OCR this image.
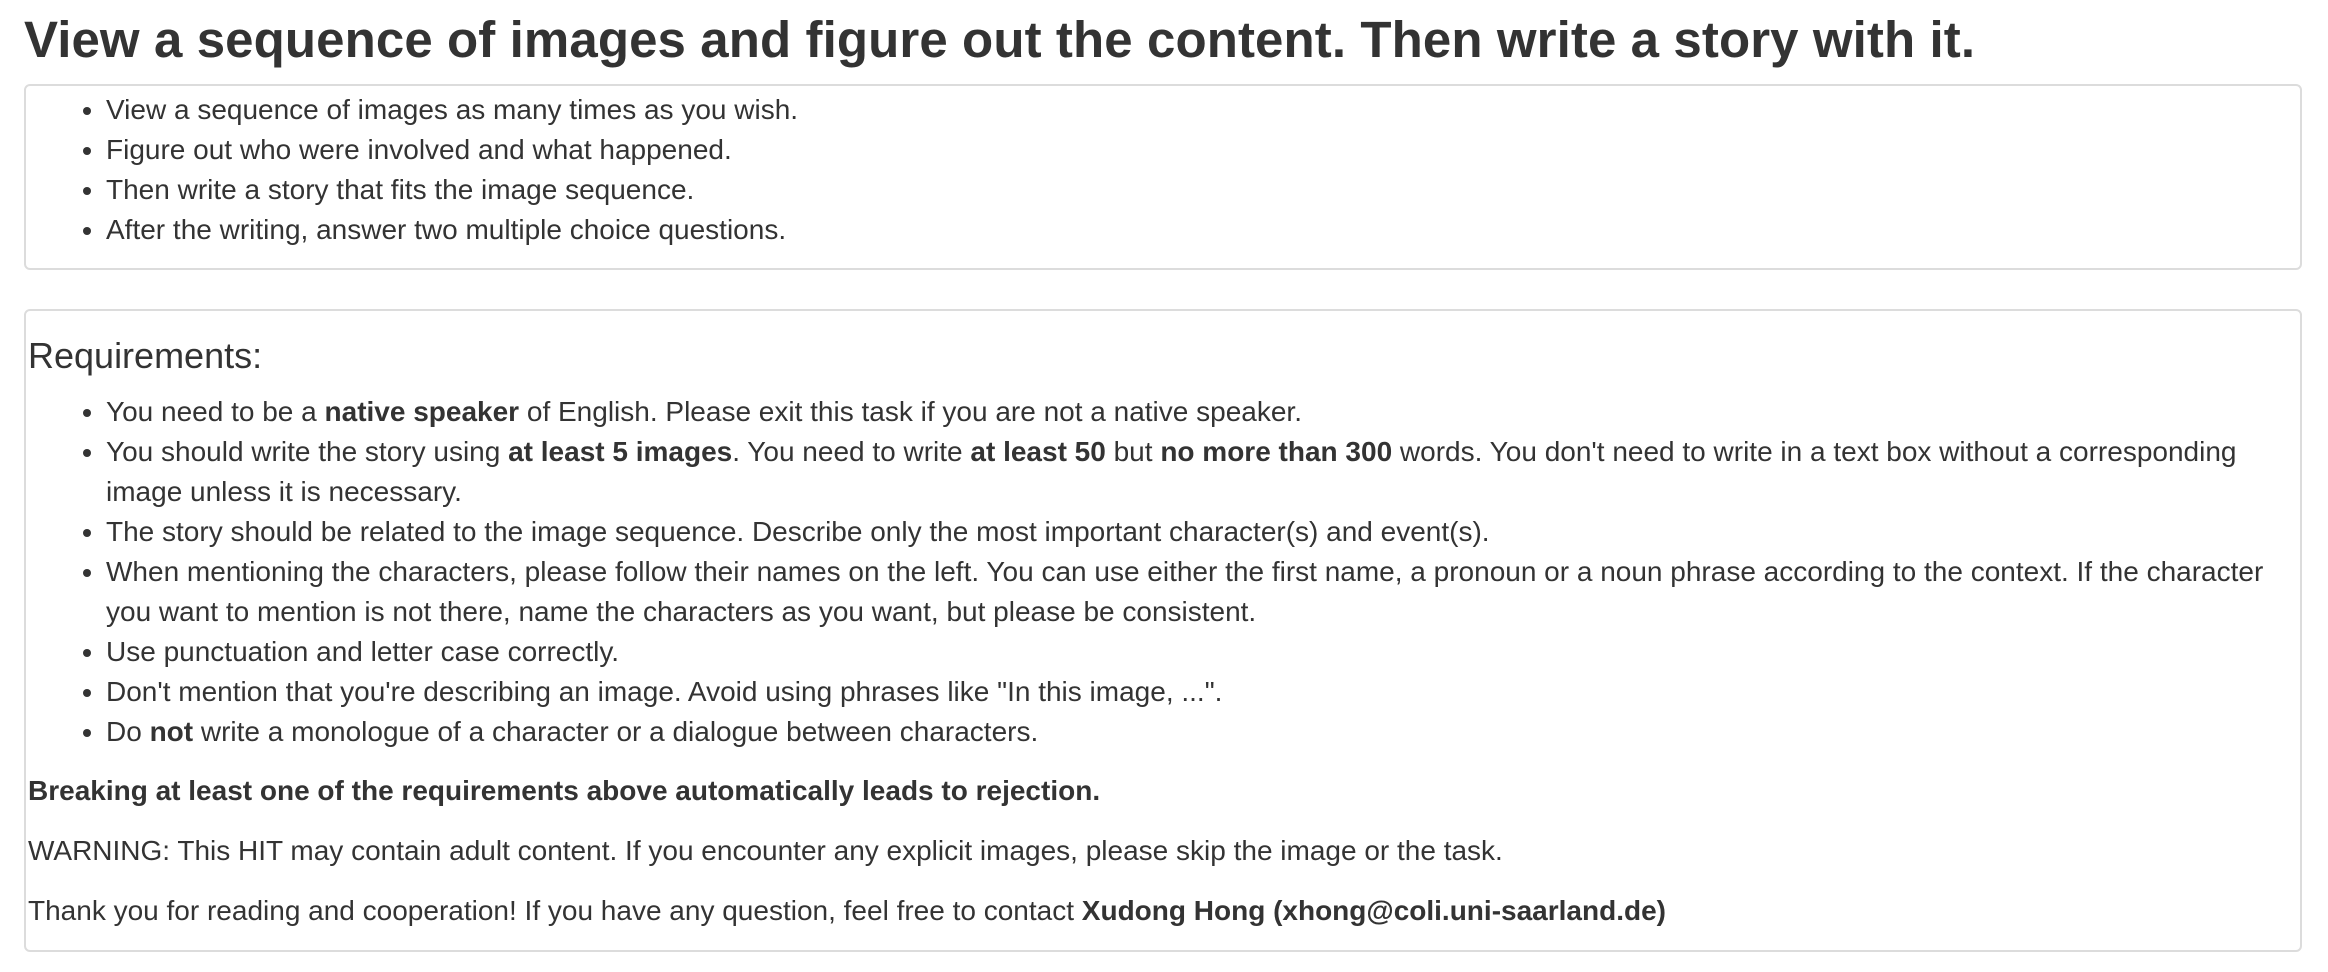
View a sequence of images and figure out the content. Then write a story with it.
• View a sequence of images as many times as you wish.
• Figure out who were involved and what happened.
• Then write a story that fits the image sequence.
• After the writing, answer two multiple choice questions.
Requirements:
• You need to be a native speaker of English. Please exit this task if you are not a native speaker.
• You should write the story using at least 5 images. You need to write at least 50 but no more than 300 words. You don't need to write in a text box without a corresponding image unless it is necessary.
• The story should be related to the image sequence. Describe only the most important character(s) and event(s).
• When mentioning the characters, please follow their names on the left. You can use either the first name, a pronoun or a noun phrase according to the context. If the character you want to mention is not there, name the characters as you want, but please be consistent.
• Use punctuation and letter case correctly.
• Don't mention that you're describing an image. Avoid using phrases like "In this image, ...".
• Do not write a monologue of a character or a dialogue between characters.

Breaking at least one of the requirements above automatically leads to rejection.

WARNING: This HIT may contain adult content. If you encounter any explicit images, please skip the image or the task.

Thank you for reading and cooperation! If you have any question, feel free to contact Xudong Hong (xhong@coli.uni-saarland.de)
